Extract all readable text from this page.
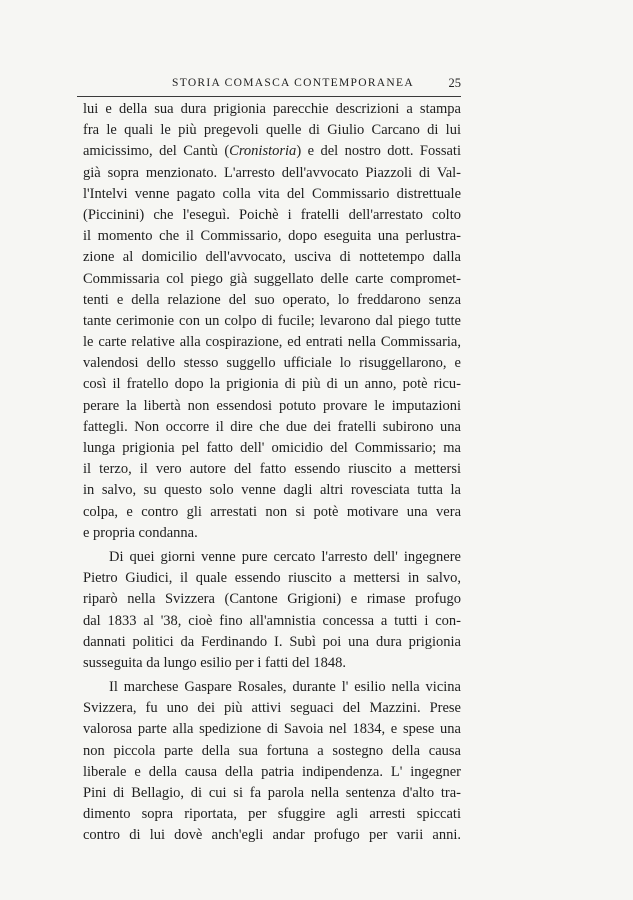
STORIA COMASCA CONTEMPORANEA	25
lui e della sua dura prigionia parecchie descrizioni a stampa
fra le quali le più pregevoli quelle di Giulio Carcano di lui
amicissimo, del Cantù (Cronistoria) e del nostro dott. Fossati
già sopra menzionato. L'arresto dell'avvocato Piazzoli di Val-
l'Intelvi venne pagato colla vita del Commissario distrettuale
(Piccinini) che l'eseguì. Poichè i fratelli dell'arrestato colto
il momento che il Commissario, dopo eseguita una perlustra-
zione al domicilio dell'avvocato, usciva di nottetempo dalla
Commissaria col piego già suggellato delle carte compromet-
tenti e della relazione del suo operato, lo freddarono senza
tante cerimonie con un colpo di fucile; levarono dal piego tutte
le carte relative alla cospirazione, ed entrati nella Commissaria,
valendosi dello stesso suggello ufficiale lo risuggellarono, e
così il fratello dopo la prigionia di più di un anno, potè ricu-
perare la libertà non essendosi potuto provare le imputazioni
fattegli. Non occorre il dire che due dei fratelli subirono una
lunga prigionia pel fatto dell' omicidio del Commissario; ma
il terzo, il vero autore del fatto essendo riuscito a mettersi
in salvo, su questo solo venne dagli altri rovesciata tutta la
colpa, e contro gli arrestati non si potè motivare una vera
e propria condanna.
Di quei giorni venne pure cercato l'arresto dell' ingegnere
Pietro Giudici, il quale essendo riuscito a mettersi in salvo,
riparò nella Svizzera (Cantone Grigioni) e rimase profugo
dal 1833 al '38, cioè fino all'amnistia concessa a tutti i con-
dannati politici da Ferdinando I. Subì poi una dura prigionia
susseguita da lungo esilio per i fatti del 1848.
Il marchese Gaspare Rosales, durante l' esilio nella vicina
Svizzera, fu uno dei più attivi seguaci del Mazzini. Prese
valorosa parte alla spedizione di Savoia nel 1834, e spese una
non piccola parte della sua fortuna a sostegno della causa
liberale e della causa della patria indipendenza. L' ingegner
Pini di Bellagio, di cui si fa parola nella sentenza d'alto tra-
dimento sopra riportata, per sfuggire agli arresti spiccati
contro di lui dovè anch'egli andar profugo per varii anni.
